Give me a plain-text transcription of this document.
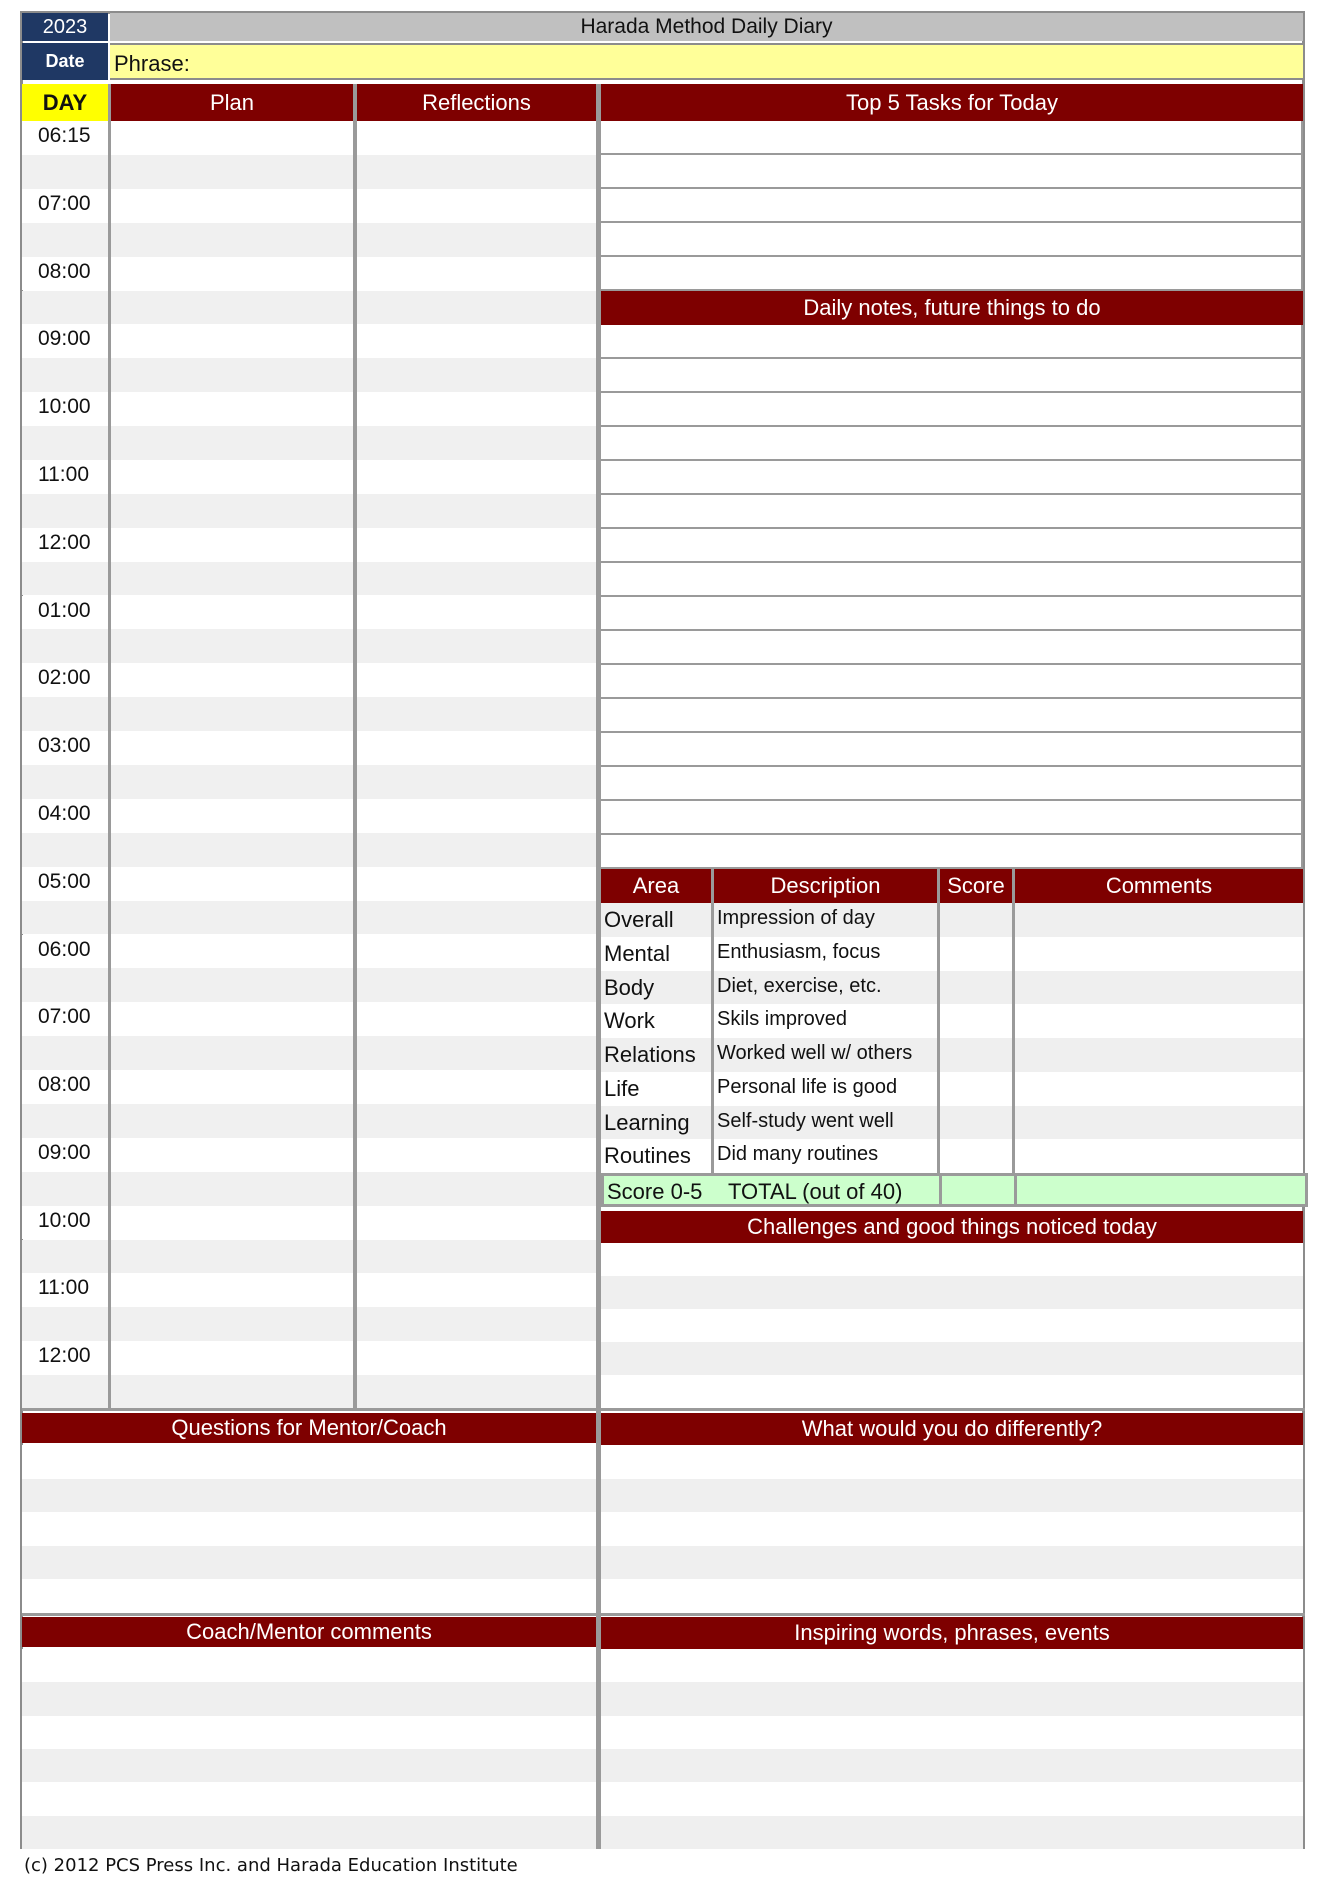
2023	Harada Method Daily Diary
Date	Phrase:
DAY	Plan	Reflections
06:15
07:00
08:00
09:00
10:00
11:00
12:00
01:00
02:00
03:00
04:00
05:00
06:00
07:00
08:00
09:00
10:00
11:00
12:00
Top 5 Tasks for Today
Daily notes, future things to do
Area	Description	Score	Comments
Overall Impression of day
Mental Enthusiasm, focus
Body	Diet, exercise, etc.
Work	Skils improved
Relations Worked well w/ others
Life	Personal life is good
Learning Self-study went well
Routines Did many routines
Score 0-5 TOTAL (out of 40)
Challenges and good things noticed today
Questions for Mentor/Coach	What would you do differently?
Coach/Mentor comments	Inspiring words, phrases, events
(c) 2012 PCS Press Inc. and Harada Education Institute
